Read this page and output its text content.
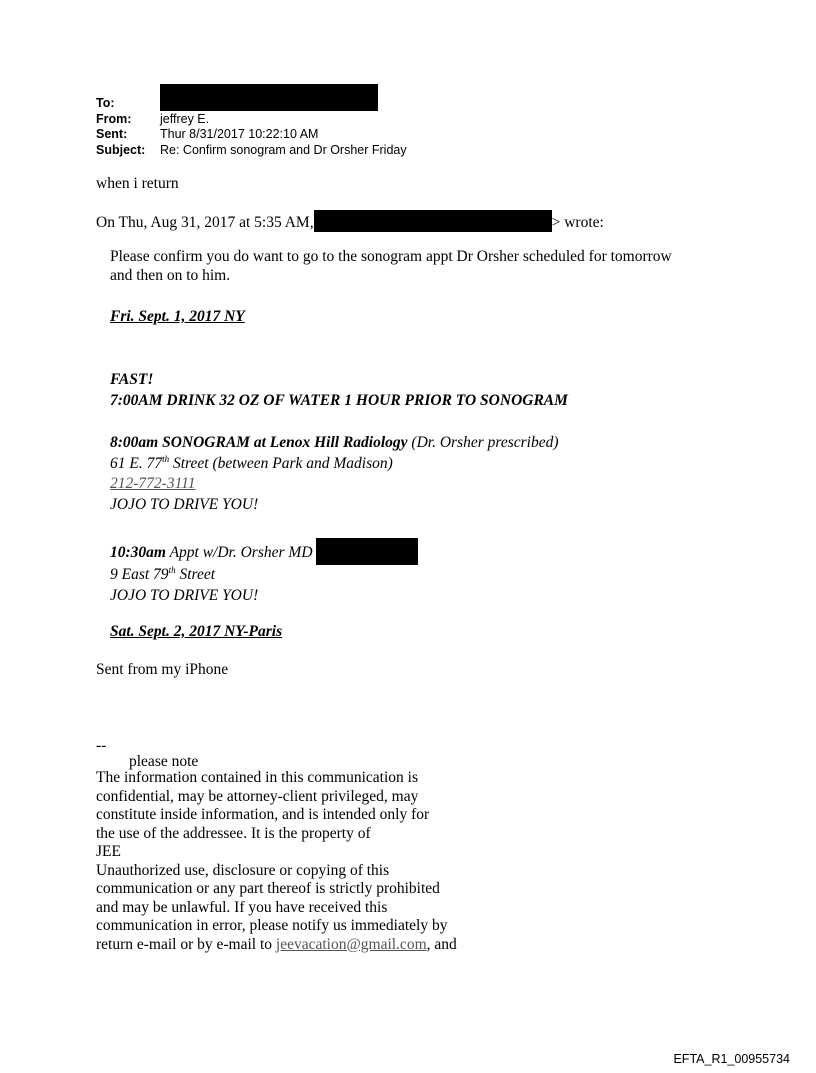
To:
From:	jeffrey E.
Sent:	Thur 8/31/2017 10:22:10 AM
Subject:	Re: Confirm sonogram and Dr Orsher Friday
when i return
On Thu, Aug 31, 2017 at 5:35 AM,	> wrote:
Please confirm you do want to go to the sonogram appt Dr Orsher scheduled for tomorrow
and then on to him.
Fri. Sept. 1, 2017 NY
FAST!
7:00AM DRINK 32 OZ OF WATER 1 HOUR PRIOR TO SONOGRAM
8:00am SONOGRAM at Lenox Hill Radiology (Dr. Orsher prescribed)
61 E. 77th Street (between Park and Madison)
212-772-3111
JOJO TO DRIVE YOU!
10:30am Appt w/Dr. Orsher MD
9 East 79th Street
JOJO TO DRIVE YOU!
Sat. Sept. 2, 2017 NY-Paris
Sent from my iPhone
--
please note
The information contained in this communication is
confidential, may be attorney-client privileged, may
constitute inside information, and is intended only for
the use of the addressee. It is the property of
JEE
Unauthorized use, disclosure or copying of this
communication or any part thereof is strictly prohibited
and may be unlawful. If you have received this
communication in error, please notify us immediately by
return e-mail or by e-mail to jeevacation@gmail.com, and
EFTA_R1_00955734
